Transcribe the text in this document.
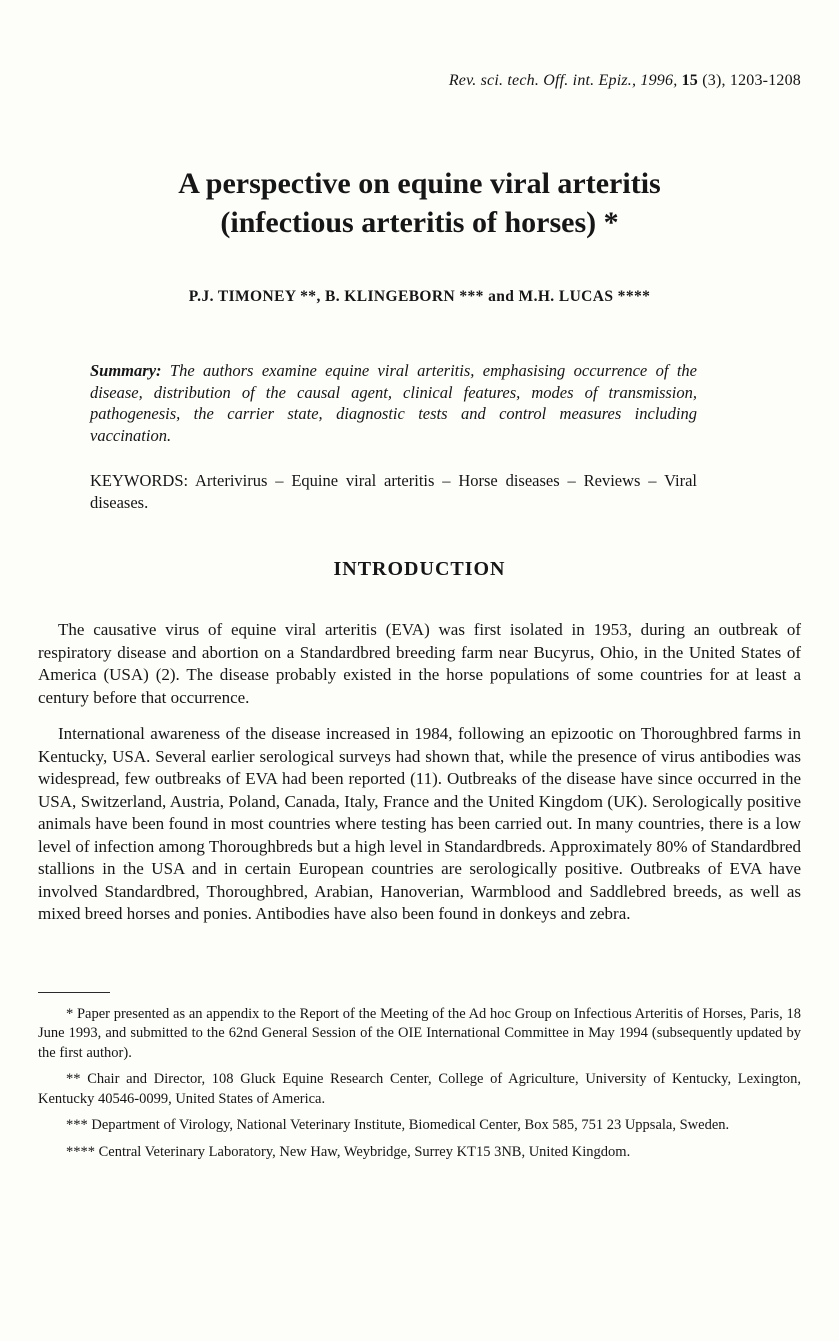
Rev. sci. tech. Off. int. Epiz., 1996, 15 (3), 1203-1208
A perspective on equine viral arteritis
(infectious arteritis of horses) *
P.J. TIMONEY **, B. KLINGEBORN *** and M.H. LUCAS ****

Summary: The authors examine equine viral arteritis, emphasising occurrence of the disease, distribution of the causal agent, clinical features, modes of transmission, pathogenesis, the carrier state, diagnostic tests and control measures including vaccination.

KEYWORDS: Arterivirus – Equine viral arteritis – Horse diseases – Reviews – Viral diseases.

INTRODUCTION

The causative virus of equine viral arteritis (EVA) was first isolated in 1953, during an outbreak of respiratory disease and abortion on a Standardbred breeding farm near Bucyrus, Ohio, in the United States of America (USA) (2). The disease probably existed in the horse populations of some countries for at least a century before that occurrence.

International awareness of the disease increased in 1984, following an epizootic on Thoroughbred farms in Kentucky, USA. Several earlier serological surveys had shown that, while the presence of virus antibodies was widespread, few outbreaks of EVA had been reported (11). Outbreaks of the disease have since occurred in the USA, Switzerland, Austria, Poland, Canada, Italy, France and the United Kingdom (UK). Serologically positive animals have been found in most countries where testing has been carried out. In many countries, there is a low level of infection among Thoroughbreds but a high level in Standardbreds. Approximately 80% of Standardbred stallions in the USA and in certain European countries are serologically positive. Outbreaks of EVA have involved Standardbred, Thoroughbred, Arabian, Hanoverian, Warmblood and Saddlebred breeds, as well as mixed breed horses and ponies. Antibodies have also been found in donkeys and zebra.

* Paper presented as an appendix to the Report of the Meeting of the Ad hoc Group on Infectious Arteritis of Horses, Paris, 18 June 1993, and submitted to the 62nd General Session of the OIE International Committee in May 1994 (subsequently updated by the first author).

** Chair and Director, 108 Gluck Equine Research Center, College of Agriculture, University of Kentucky, Lexington, Kentucky 40546-0099, United States of America.

*** Department of Virology, National Veterinary Institute, Biomedical Center, Box 585, 751 23 Uppsala, Sweden.

**** Central Veterinary Laboratory, New Haw, Weybridge, Surrey KT15 3NB, United Kingdom.
